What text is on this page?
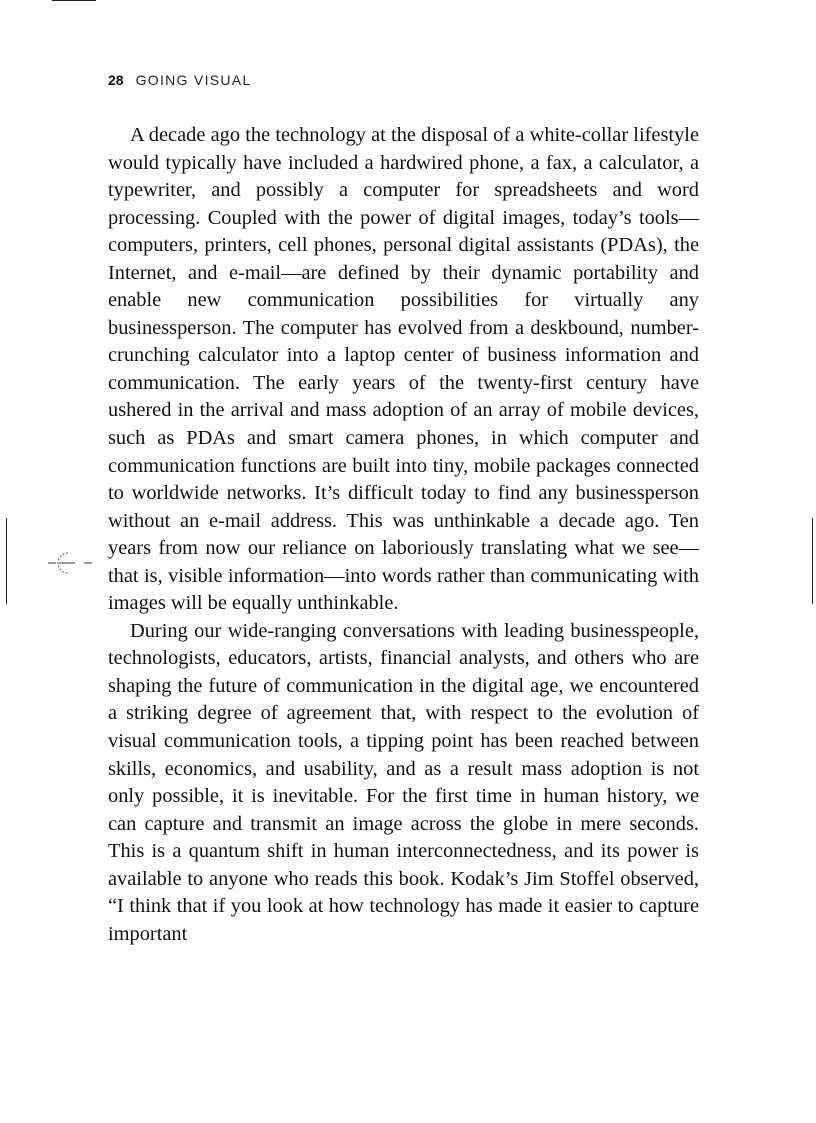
28 GOING VISUAL

A decade ago the technology at the disposal of a white-collar lifestyle would typically have included a hardwired phone, a fax, a calculator, a typewriter, and possibly a computer for spreadsheets and word processing. Coupled with the power of digital images, today’s tools—computers, printers, cell phones, personal digital assistants (PDAs), the Internet, and e-mail—are defined by their dynamic portability and enable new communication possibilities for virtually any businessperson. The computer has evolved from a deskbound, number-crunching calculator into a laptop center of business information and communication. The early years of the twenty-first century have ushered in the arrival and mass adoption of an array of mobile devices, such as PDAs and smart camera phones, in which computer and communication functions are built into tiny, mobile packages connected to worldwide networks. It’s difficult today to find any businessperson without an e-mail address. This was unthinkable a decade ago. Ten years from now our reliance on laboriously translating what we see—that is, visible information—into words rather than communicating with images will be equally unthinkable.

During our wide-ranging conversations with leading businesspeople, technologists, educators, artists, financial analysts, and others who are shaping the future of communication in the digital age, we encountered a striking degree of agreement that, with respect to the evolution of visual communication tools, a tipping point has been reached between skills, economics, and usability, and as a result mass adoption is not only possible, it is inevitable. For the first time in human history, we can capture and transmit an image across the globe in mere seconds. This is a quantum shift in human interconnectedness, and its power is available to anyone who reads this book. Kodak’s Jim Stoffel observed, “I think that if you look at how technology has made it easier to capture important
